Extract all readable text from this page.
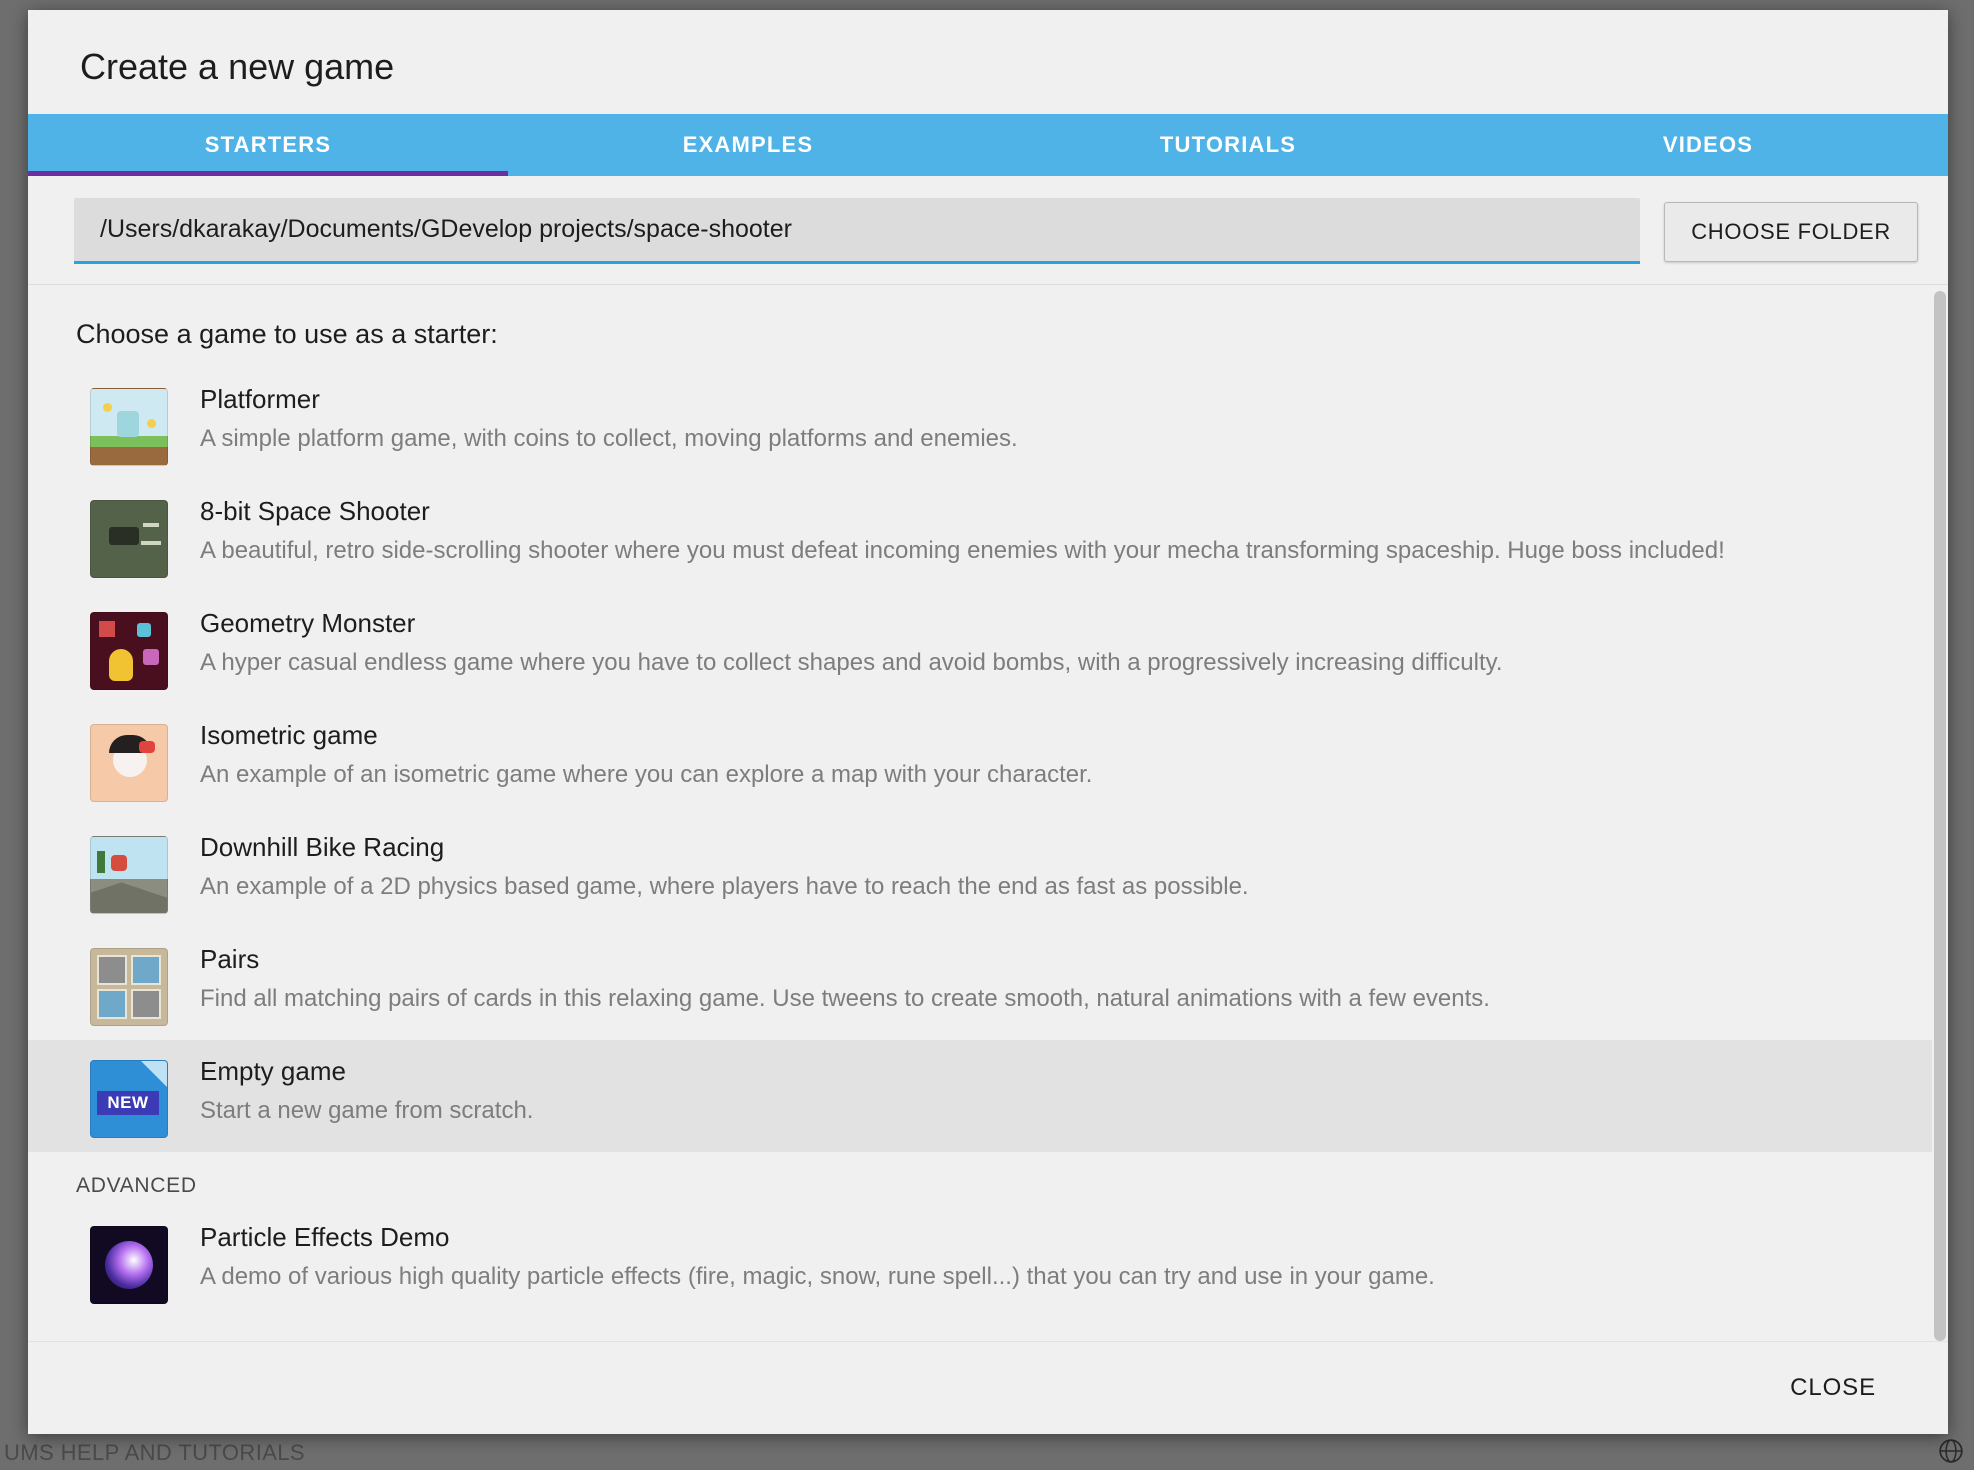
UMS HELP AND TUTORIALS
Create a new game
STARTERS	EXAMPLES	TUTORIALS	VIDEOS
/Users/dkarakay/Documents/GDevelop projects/space-shooter	CHOOSE FOLDER
Choose a game to use as a starter:
Platformer
A simple platform game, with coins to collect, moving platforms and enemies.
8-bit Space Shooter
A beautiful, retro side-scrolling shooter where you must defeat incoming enemies with your mecha transforming spaceship. Huge boss included!
Geometry Monster
A hyper casual endless game where you have to collect shapes and avoid bombs, with a progressively increasing difficulty.
Isometric game
An example of an isometric game where you can explore a map with your character.
Downhill Bike Racing
An example of a 2D physics based game, where players have to reach the end as fast as possible.
Pairs
Find all matching pairs of cards in this relaxing game. Use tweens to create smooth, natural animations with a few events.
NEW
Empty game
Start a new game from scratch.
ADVANCED
Particle Effects Demo
A demo of various high quality particle effects (fire, magic, snow, rune spell...) that you can try and use in your game.
CLOSE
